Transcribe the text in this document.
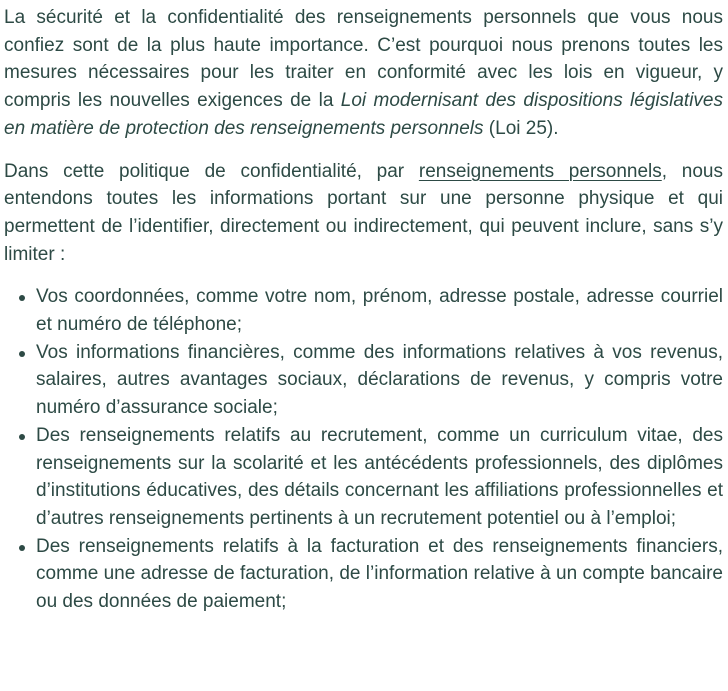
La sécurité et la confidentialité des renseignements personnels que vous nous confiez sont de la plus haute importance. C’est pourquoi nous prenons toutes les mesures nécessaires pour les traiter en conformité avec les lois en vigueur, y compris les nouvelles exigences de la Loi modernisant des dispositions législatives en matière de protection des renseignements personnels (Loi 25).

Dans cette politique de confidentialité, par renseignements personnels, nous entendons toutes les informations portant sur une personne physique et qui permettent de l’identifier, directement ou indirectement, qui peuvent inclure, sans s’y limiter :

Vos coordonnées, comme votre nom, prénom, adresse postale, adresse courriel et numéro de téléphone;
Vos informations financières, comme des informations relatives à vos revenus, salaires, autres avantages sociaux, déclarations de revenus, y compris votre numéro d’assurance sociale;
Des renseignements relatifs au recrutement, comme un curriculum vitae, des renseignements sur la scolarité et les antécédents professionnels, des diplômes d’institutions éducatives, des détails concernant les affiliations professionnelles et d’autres renseignements pertinents à un recrutement potentiel ou à l’emploi;
Des renseignements relatifs à la facturation et des renseignements financiers, comme une adresse de facturation, de l’information relative à un compte bancaire ou des données de paiement;
